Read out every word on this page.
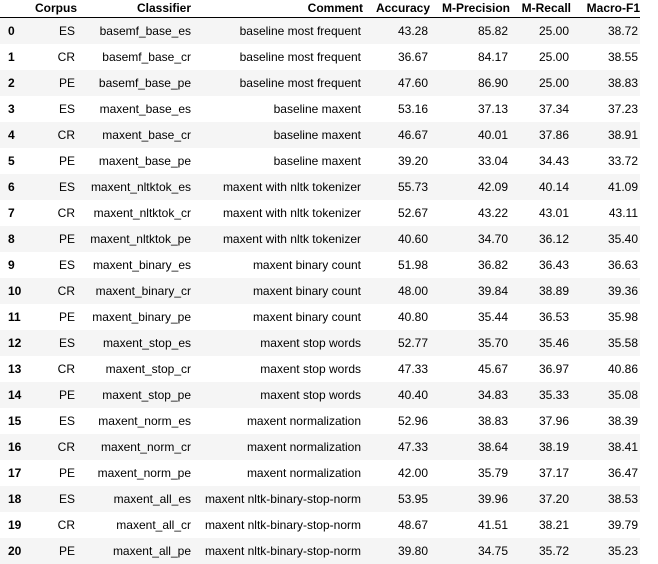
	Corpus	Classifier	Comment	Accuracy	M-Precision	M-Recall	Macro-F1
0	ES	basemf_base_es	baseline most frequent	43.28	85.82	25.00	38.72
1	CR	basemf_base_cr	baseline most frequent	36.67	84.17	25.00	38.55
2	PE	basemf_base_pe	baseline most frequent	47.60	86.90	25.00	38.83
3	ES	maxent_base_es	baseline maxent	53.16	37.13	37.34	37.23
4	CR	maxent_base_cr	baseline maxent	46.67	40.01	37.86	38.91
5	PE	maxent_base_pe	baseline maxent	39.20	33.04	34.43	33.72
6	ES	maxent_nltktok_es	maxent with nltk tokenizer	55.73	42.09	40.14	41.09
7	CR	maxent_nltktok_cr	maxent with nltk tokenizer	52.67	43.22	43.01	43.11
8	PE	maxent_nltktok_pe	maxent with nltk tokenizer	40.60	34.70	36.12	35.40
9	ES	maxent_binary_es	maxent binary count	51.98	36.82	36.43	36.63
10	CR	maxent_binary_cr	maxent binary count	48.00	39.84	38.89	39.36
11	PE	maxent_binary_pe	maxent binary count	40.80	35.44	36.53	35.98
12	ES	maxent_stop_es	maxent stop words	52.77	35.70	35.46	35.58
13	CR	maxent_stop_cr	maxent stop words	47.33	45.67	36.97	40.86
14	PE	maxent_stop_pe	maxent stop words	40.40	34.83	35.33	35.08
15	ES	maxent_norm_es	maxent normalization	52.96	38.83	37.96	38.39
16	CR	maxent_norm_cr	maxent normalization	47.33	38.64	38.19	38.41
17	PE	maxent_norm_pe	maxent normalization	42.00	35.79	37.17	36.47
18	ES	maxent_all_es	maxent nltk-binary-stop-norm	53.95	39.96	37.20	38.53
19	CR	maxent_all_cr	maxent nltk-binary-stop-norm	48.67	41.51	38.21	39.79
20	PE	maxent_all_pe	maxent nltk-binary-stop-norm	39.80	34.75	35.72	35.23
